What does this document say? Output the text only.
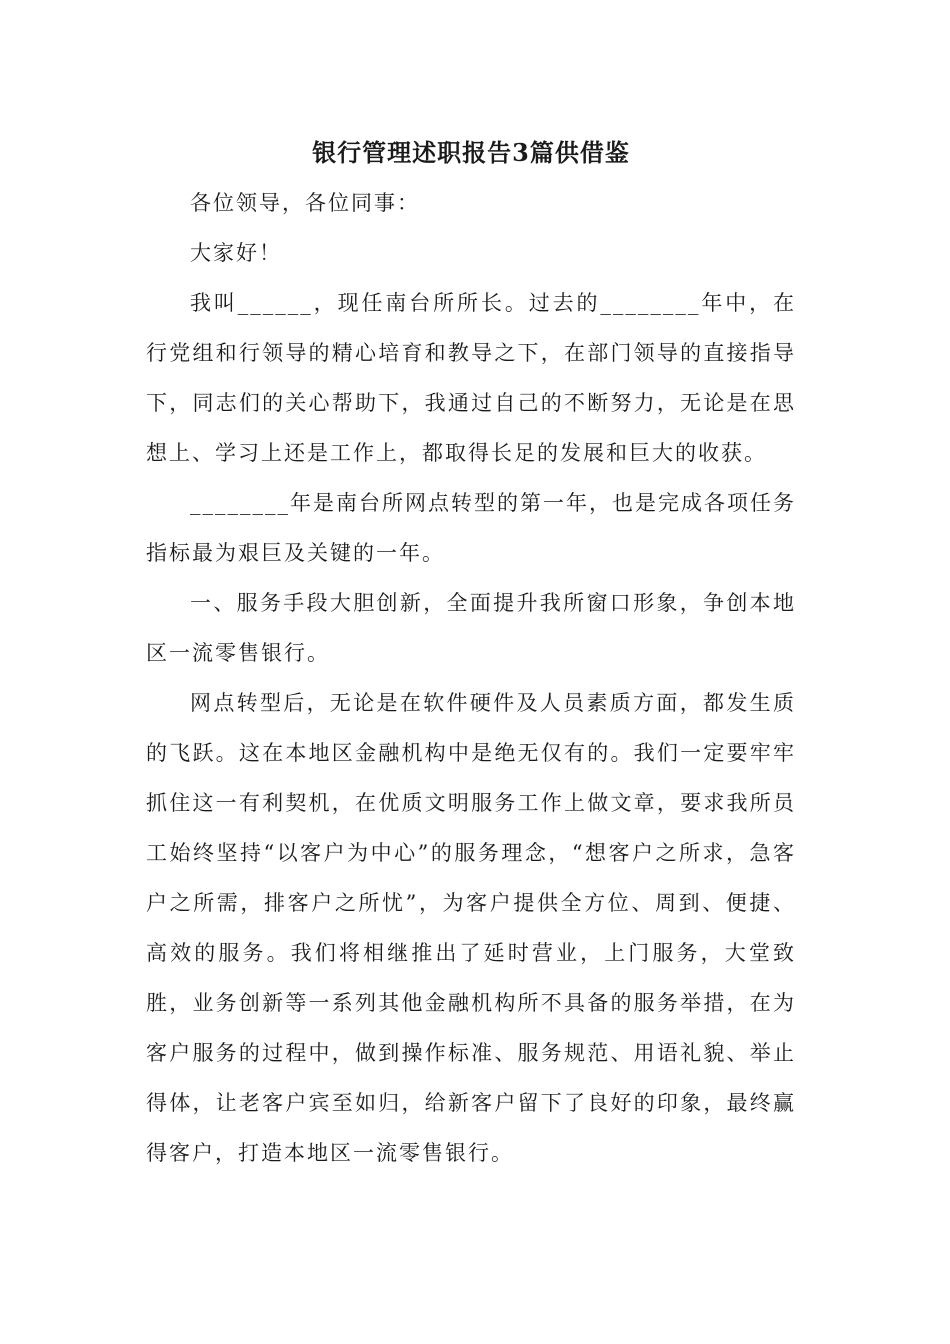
银行管理述职报告3篇供借鉴

各位领导，各位同事：

大家好！

我叫______，现任南台所所长。过去的________年中，在行党组和行领导的精心培育和教导之下，在部门领导的直接指导下，同志们的关心帮助下，我通过自己的不断努力，无论是在思想上、学习上还是工作上，都取得长足的发展和巨大的收获。

________年是南台所网点转型的第一年，也是完成各项任务指标最为艰巨及关键的一年。

一、服务手段大胆创新，全面提升我所窗口形象，争创本地区一流零售银行。

网点转型后，无论是在软件硬件及人员素质方面，都发生质的飞跃。这在本地区金融机构中是绝无仅有的。我们一定要牢牢抓住这一有利契机，在优质文明服务工作上做文章，要求我所员工始终坚持“以客户为中心”的服务理念，“想客户之所求，急客户之所需，排客户之所忧”，为客户提供全方位、周到、便捷、高效的服务。我们将相继推出了延时营业，上门服务，大堂致胜，业务创新等一系列其他金融机构所不具备的服务举措，在为客户服务的过程中，做到操作标准、服务规范、用语礼貌、举止得体，让老客户宾至如归，给新客户留下了良好的印象，最终赢得客户，打造本地区一流零售银行。
